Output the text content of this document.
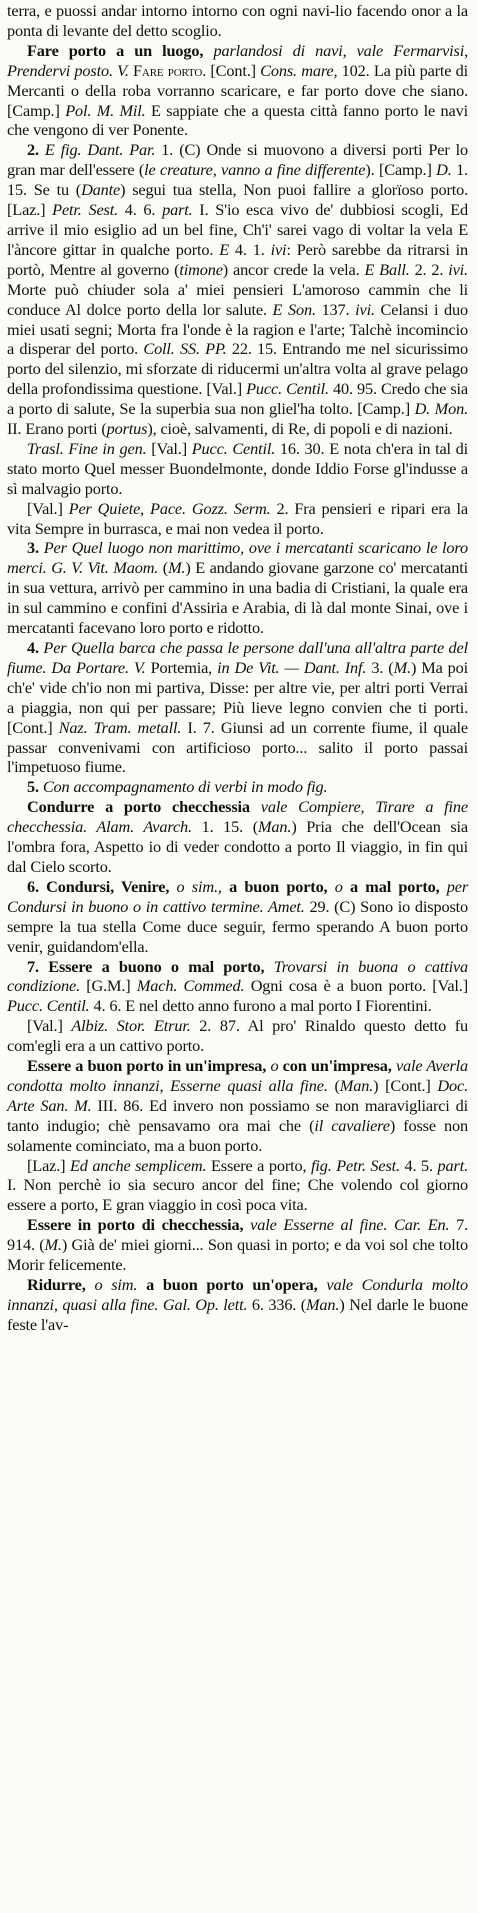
terra, e puossi andar intorno intorno con ogni navi-lio facendo onor a la ponta di levante del detto scoglio.

Fare porto a un luogo, parlandosi di navi, vale Fermarvisi, Prendervi posto. V. Fare porto. [Cont.] Cons. mare, 102. La più parte di Mercanti o della roba vorranno scaricare, e far porto dove che siano. [Camp.] Pol. M. Mil. E sappiate che a questa città fanno porto le navi che vengono di ver Ponente.

2. E fig. Dant. Par. 1. (C) Onde si muovono a diversi porti Per lo gran mar dell'essere (le creature, vanno a fine differente). [Camp.] D. 1. 15. Se tu (Dante) segui tua stella, Non puoi fallire a glorïoso porto. [Laz.] Petr. Sest. 4. 6. part. I. S'io esca vivo de' dubbiosi scogli, Ed arrive il mio esiglio ad un bel fine, Ch'i' sarei vago di voltar la vela E l'àncore gittar in qualche porto. E 4. 1. ivi: Però sarebbe da ritrarsi in portò, Mentre al governo (timone) ancor crede la vela. E Ball. 2. 2. ivi. Morte può chiuder sola a' miei pensieri L'amoroso cammin che li conduce Al dolce porto della lor salute. E Son. 137. ivi. Celansi i duo miei usati segni; Morta fra l'onde è la ragion e l'arte; Talchè incomincio a disperar del porto. Coll. SS. PP. 22. 15. Entrando me nel sicurissimo porto del silenzio, mi sforzate di riducermi un'altra volta al grave pelago della profondissima questione. [Val.] Pucc. Centil. 40. 95. Credo che sia a porto di salute, Se la superbia sua non gliel'ha tolto. [Camp.] D. Mon. II. Erano porti (portus), cioè, salvamenti, di Re, di popoli e di nazioni.

Trasl. Fine in gen. [Val.] Pucc. Centil. 16. 30. E nota ch'era in tal di stato morto Quel messer Buondelmonte, donde Iddio Forse gl'indusse a sì malvagio porto.

[Val.] Per Quiete, Pace. Gozz. Serm. 2. Fra pensieri e ripari era la vita Sempre in burrasca, e mai non vedea il porto.

3. Per Quel luogo non marittimo, ove i mercatanti scaricano le loro merci. G. V. Vit. Maom. (M.) E andando giovane garzone co' mercatanti in sua vettura, arrivò per cammino in una badia di Cristiani, la quale era in sul cammino e confini d'Assiria e Arabia, di là dal monte Sinai, ove i mercatanti facevano loro porto e ridotto.

4. Per Quella barca che passa le persone dall'una all'altra parte del fiume. Da Portare. V. Portemia, in De Vit. — Dant. Inf. 3. (M.) Ma poi ch'e' vide ch'io non mi partiva, Disse: per altre vie, per altri porti Verrai a piaggia, non qui per passare; Più lieve legno convien che ti porti. [Cont.] Naz. Tram. metall. I. 7. Giunsi ad un corrente fiume, il quale passar convenivami con artificioso porto... salito il porto passai l'impetuoso fiume.

5. Con accompagnamento di verbi in modo fig.

Condurre a porto checchessia vale Compiere, Tirare a fine checchessia. Alam. Avarch. 1. 15. (Man.) Pria che dell'Ocean sia l'ombra fora, Aspetto io di veder condotto a porto Il viaggio, in fin qui dal Cielo scorto.

6. Condursi, Venire, o sim., a buon porto, o a mal porto, per Condursi in buono o in cattivo termine. Amet. 29. (C) Sono io disposto sempre la tua stella Come duce seguir, fermo sperando A buon porto venir, guidandom'ella.

7. Essere a buono o mal porto, Trovarsi in buona o cattiva condizione. [G.M.] Mach. Commed. Ogni cosa è a buon porto. [Val.] Pucc. Centil. 4. 6. E nel detto anno furono a mal porto I Fiorentini.

[Val.] Albiz. Stor. Etrur. 2. 87. Al pro' Rinaldo questo detto fu com'egli era a un cattivo porto.

Essere a buon porto in un'impresa, o con un'impresa, vale Averla condotta molto innanzi, Esserne quasi alla fine. (Man.) [Cont.] Doc. Arte San. M. III. 86. Ed invero non possiamo se non maravigliarci di tanto indugio; chè pensavamo ora mai che (il cavaliere) fosse non solamente cominciato, ma a buon porto.

[Laz.] Ed anche semplicem. Essere a porto, fig. Petr. Sest. 4. 5. part. I. Non perchè io sia securo ancor del fine; Che volendo col giorno essere a porto, E gran viaggio in così poca vita.

Essere in porto di checchessia, vale Esserne al fine. Car. En. 7. 914. (M.) Già de' miei giorni... Son quasi in porto; e da voi sol che tolto Morir felicemente.

Ridurre, o sim. a buon porto un'opera, vale Condurla molto innanzi, quasi alla fine. Gal. Op. lett. 6. 336. (Man.) Nel darle le buone feste l'av-
